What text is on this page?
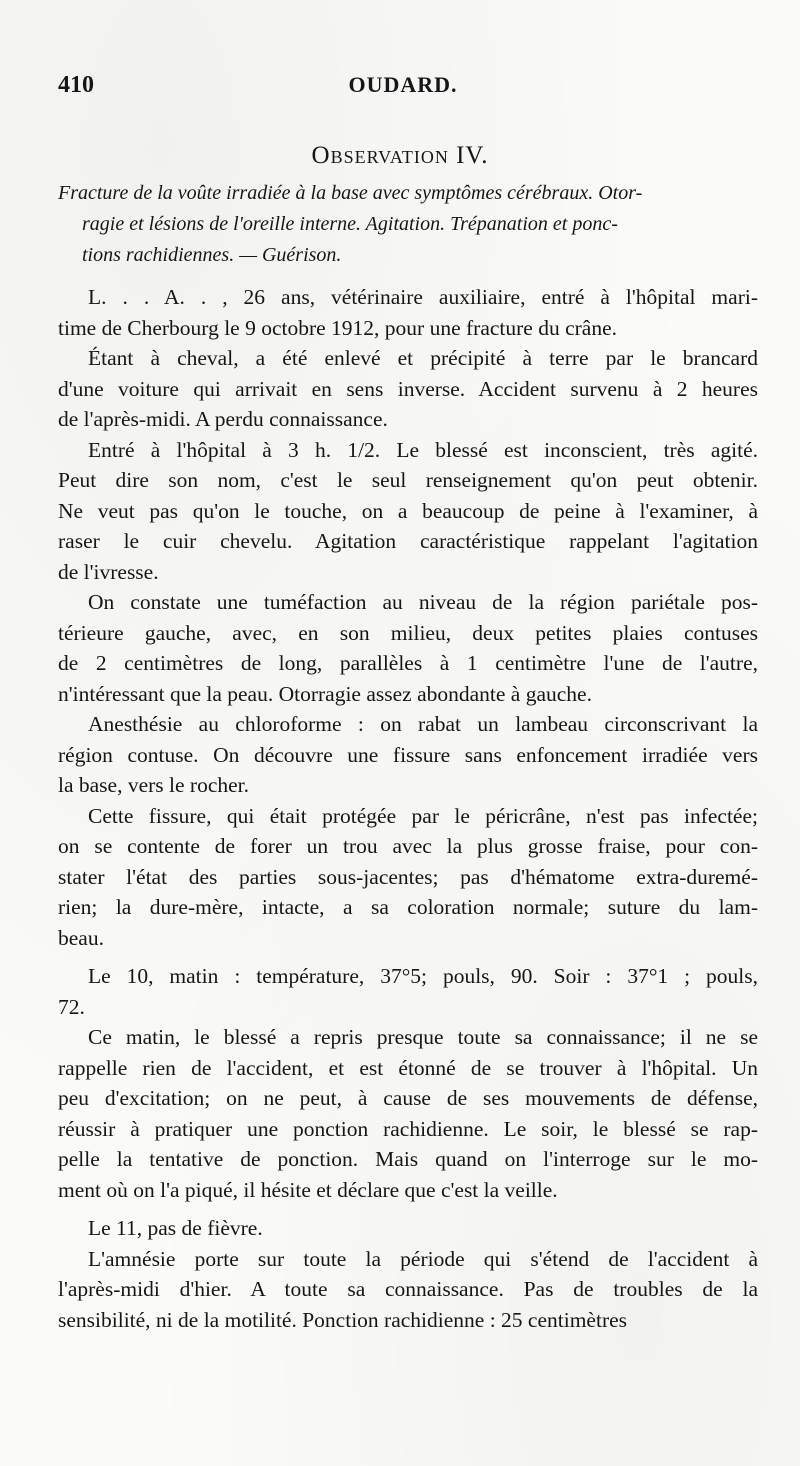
410	OUDARD.
Observation IV.
Fracture de la voûte irradiée à la base avec symptômes cérébraux. Otor-
ragie et lésions de l'oreille interne. Agitation. Trépanation et ponc-
tions rachidiennes. — Guérison.

L. . . A. . , 26 ans, vétérinaire auxiliaire, entré à l'hôpital mari-
time de Cherbourg le 9 octobre 1912, pour une fracture du crâne.

Étant à cheval, a été enlevé et précipité à terre par le brancard
d'une voiture qui arrivait en sens inverse. Accident survenu à 2 heures
de l'après-midi. A perdu connaissance.

Entré à l'hôpital à 3 h. 1/2. Le blessé est inconscient, très agité.
Peut dire son nom, c'est le seul renseignement qu'on peut obtenir.
Ne veut pas qu'on le touche, on a beaucoup de peine à l'examiner, à
raser le cuir chevelu. Agitation caractéristique rappelant l'agitation
de l'ivresse.

On constate une tuméfaction au niveau de la région pariétale pos-
térieure gauche, avec, en son milieu, deux petites plaies contuses
de 2 centimètres de long, parallèles à 1 centimètre l'une de l'autre,
n'intéressant que la peau. Otorragie assez abondante à gauche.

Anesthésie au chloroforme : on rabat un lambeau circonscrivant la
région contuse. On découvre une fissure sans enfoncement irradiée vers
la base, vers le rocher.

Cette fissure, qui était protégée par le péricrâne, n'est pas infectée;
on se contente de forer un trou avec la plus grosse fraise, pour con-
stater l'état des parties sous-jacentes; pas d'hématome extra-duremé-
rien; la dure-mère, intacte, a sa coloration normale; suture du lam-
beau.

Le 10, matin : température, 37°5; pouls, 90. Soir : 37°1 ; pouls,
72.

Ce matin, le blessé a repris presque toute sa connaissance; il ne se
rappelle rien de l'accident, et est étonné de se trouver à l'hôpital. Un
peu d'excitation; on ne peut, à cause de ses mouvements de défense,
réussir à pratiquer une ponction rachidienne. Le soir, le blessé se rap-
pelle la tentative de ponction. Mais quand on l'interroge sur le mo-
ment où on l'a piqué, il hésite et déclare que c'est la veille.

Le 11, pas de fièvre.

L'amnésie porte sur toute la période qui s'étend de l'accident à
l'après-midi d'hier. A toute sa connaissance. Pas de troubles de la
sensibilité, ni de la motilité. Ponction rachidienne : 25 centimètres
